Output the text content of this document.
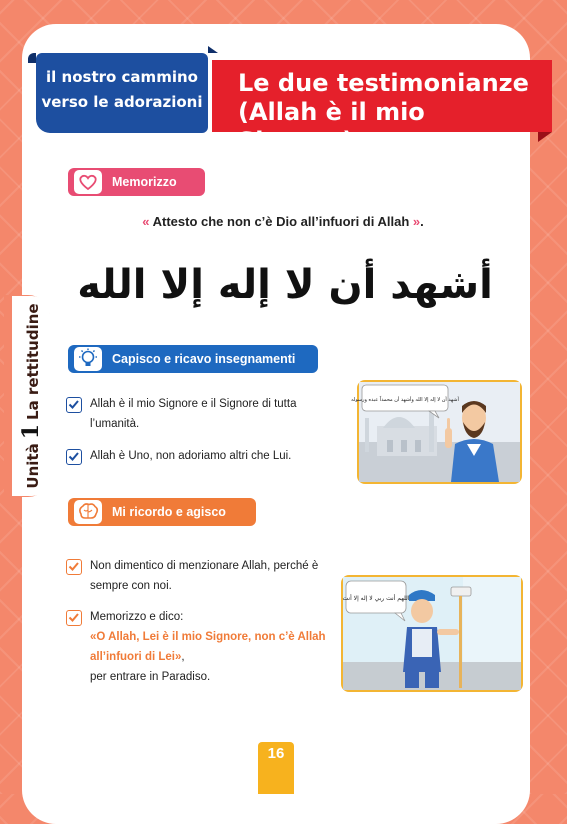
Le due testimonianze
(Allah è il mio Signore)
il nostro cammino
verso le adorazioni
Unità1La rettitudine
Memorizzo
« Attesto che non c’è Dio all’infuori di Allah ».
أشهد أن لا إله إلا الله
Capisco e ricavo insegnamenti
Allah è il mio Signore e il Signore di tutta l’umanità.
Allah è Uno, non adoriamo altri che Lui.
أشهد أن لا إله إلا الله وأشهد أن محمداً عبده ورسوله
Mi ricordo e agisco
Non dimentico di menzionare Allah, perché è sempre con noi.
Memorizzo e dico:
«O Allah, Lei è il mio Signore, non c’è Allah all’infuori di Lei»,
per entrare in Paradiso.
اللهم أنت ربي لا إله إلا أنت
16
